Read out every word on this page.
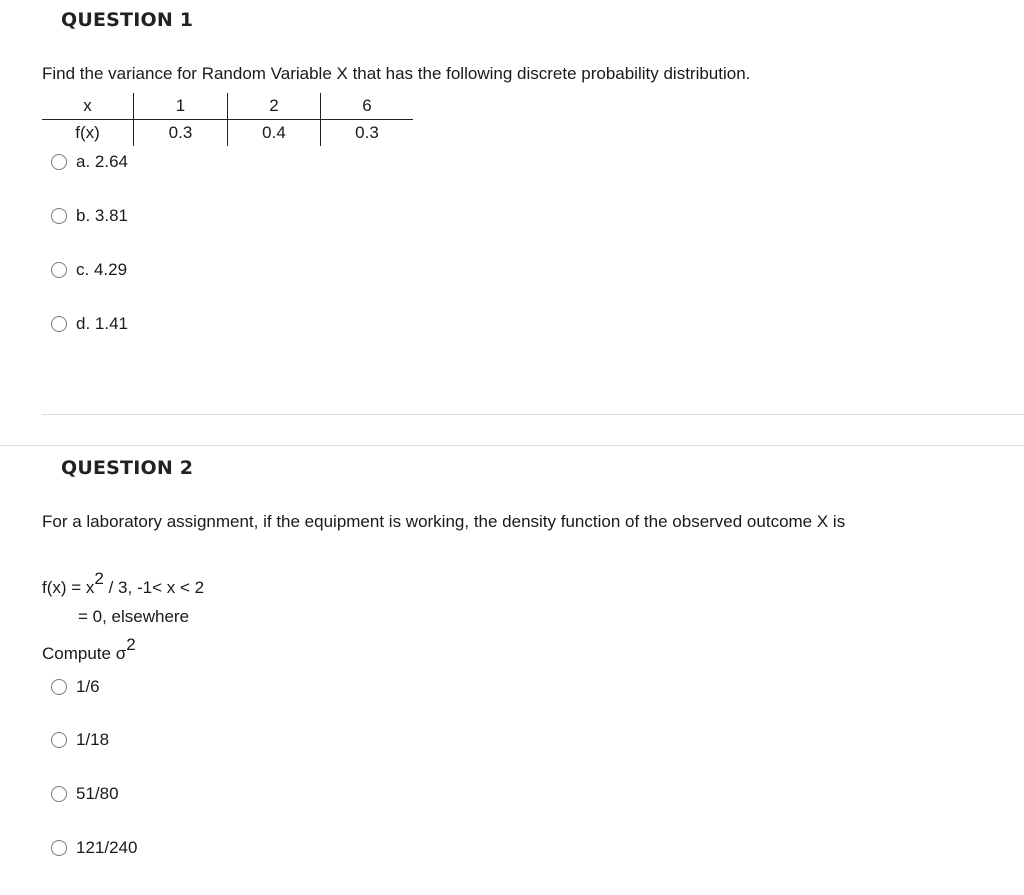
QUESTION 1
Find the variance for Random Variable X that has the following discrete probability distribution.
x	1	2	6
f(x)	0.3	0.4	0.3
a. 2.64
b. 3.81
c. 4.29
d. 1.41
QUESTION 2
For a laboratory assignment, if the equipment is working, the density function of the observed outcome X is
$f(x) = x^2 / 3$, -1< x < 2
= 0, elsewhere
Compute $\sigma^2$
1/6
1/18
51/80
121/240
